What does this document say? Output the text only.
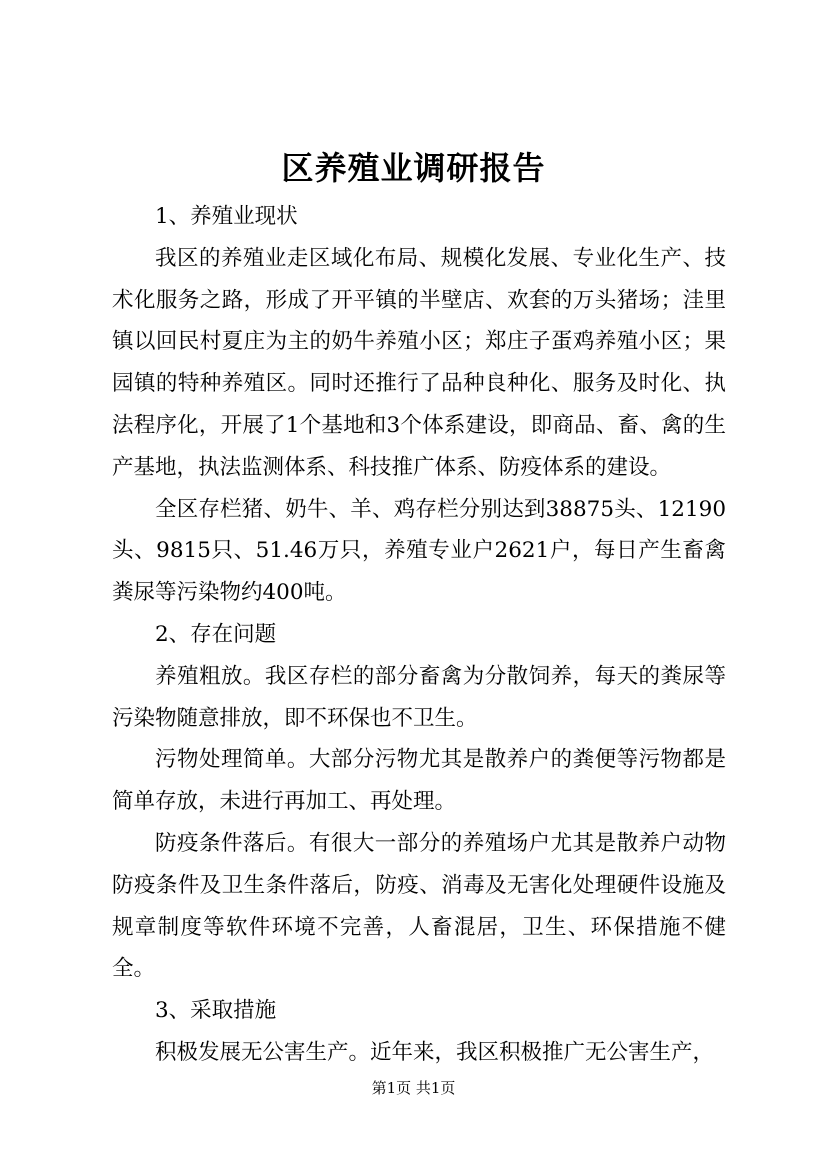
区养殖业调研报告

1、养殖业现状

我区的养殖业走区域化布局、规模化发展、专业化生产、技术化服务之路，形成了开平镇的半壁店、欢套的万头猪场；洼里镇以回民村夏庄为主的奶牛养殖小区；郑庄子蛋鸡养殖小区；果园镇的特种养殖区。同时还推行了品种良种化、服务及时化、执法程序化，开展了1个基地和3个体系建设，即商品、畜、禽的生产基地，执法监测体系、科技推广体系、防疫体系的建设。

全区存栏猪、奶牛、羊、鸡存栏分别达到38875头、12190头、9815只、51.46万只，养殖专业户2621户，每日产生畜禽粪尿等污染物约400吨。

2、存在问题

养殖粗放。我区存栏的部分畜禽为分散饲养，每天的粪尿等污染物随意排放，即不环保也不卫生。

污物处理简单。大部分污物尤其是散养户的粪便等污物都是简单存放，未进行再加工、再处理。

防疫条件落后。有很大一部分的养殖场户尤其是散养户动物防疫条件及卫生条件落后，防疫、消毒及无害化处理硬件设施及规章制度等软件环境不完善，人畜混居，卫生、环保措施不健全。

3、采取措施

积极发展无公害生产。近年来，我区积极推广无公害生产，

第1页 共1页
